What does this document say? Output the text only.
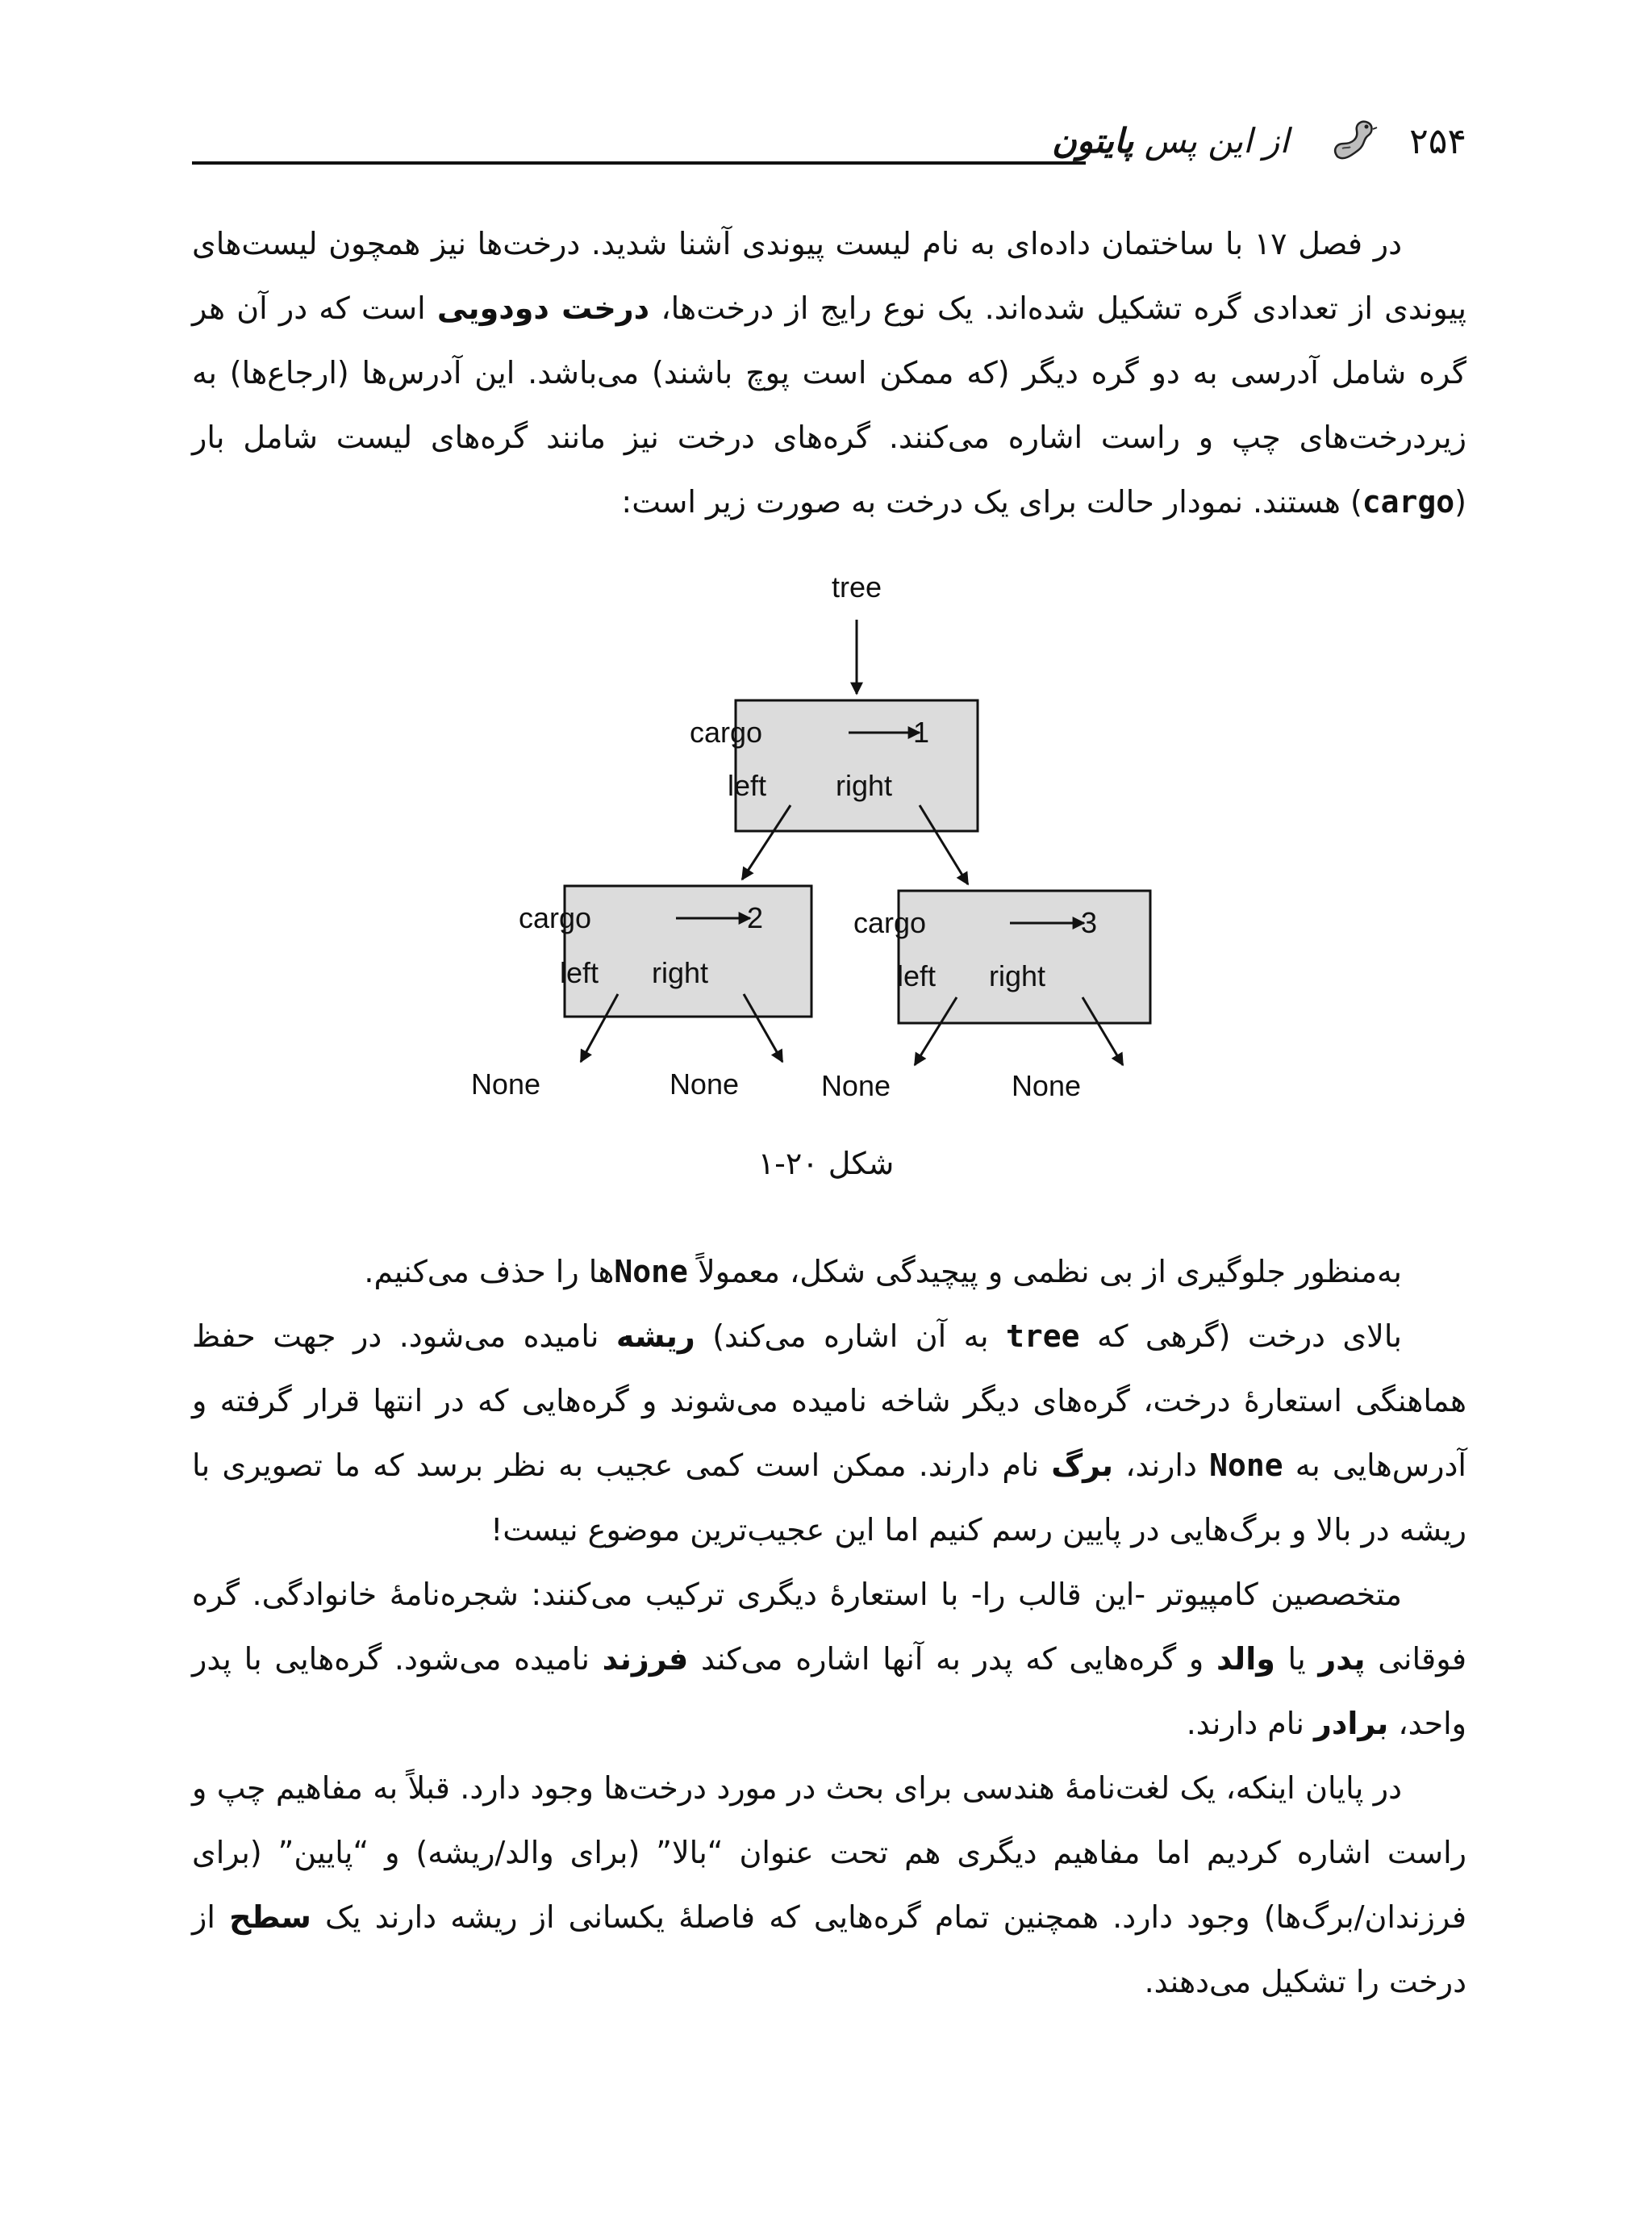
از این پس پایتون	۲۵۴
در فصل ۱۷ با ساختمان داده‌ای به نام لیست پیوندی آشنا شدید. درخت‌ها نیز همچون لیست‌های پیوندی از تعدادی گره تشکیل شده‌اند. یک نوع رایج از درخت‌ها، درخت دودویی است که در آن هر گره شامل آدرسی به دو گره دیگر (که ممکن است پوچ باشند) می‌باشد. این آدرس‌ها (ارجاع‌ها) به زیردرخت‌های چپ و راست اشاره می‌کنند. گره‌های درخت نیز مانند گره‌های لیست شامل بار (cargo) هستند. نمودار حالت برای یک درخت به صورت زیر است:
tree
cargo	1
left right
cargo	2
left right
cargo	3
left right
None	None	None	None
شکل ۲۰-۱
به‌منظور جلوگیری از بی نظمی و پیچیدگی شکل، معمولاً Noneها را حذف می‌کنیم.
بالای درخت (گرهی که tree به آن اشاره می‌کند) ریشه نامیده می‌شود. در جهت حفظ هماهنگی استعارهٔ درخت، گره‌های دیگر شاخه نامیده می‌شوند و گره‌هایی که در انتها قرار گرفته و آدرس‌هایی به None دارند، برگ نام دارند. ممکن است کمی عجیب به نظر برسد که ما تصویری با ریشه در بالا و برگ‌هایی در پایین رسم کنیم اما این عجیب‌ترین موضوع نیست!
متخصصین کامپیوتر -این قالب را- با استعارهٔ دیگری ترکیب می‌کنند: شجره‌نامهٔ خانوادگی. گره فوقانی پدر یا والد و گره‌هایی که پدر به آنها اشاره می‌کند فرزند نامیده می‌شود. گره‌هایی با پدر واحد، برادر نام دارند.
در پایان اینکه، یک لغت‌نامهٔ هندسی برای بحث در مورد درخت‌ها وجود دارد. قبلاً به مفاهیم چپ و راست اشاره کردیم اما مفاهیم دیگری هم تحت عنوان “بالا” (برای والد/ریشه) و “پایین” (برای فرزندان/برگ‌ها) وجود دارد. همچنین تمام گره‌هایی که فاصلهٔ یکسانی از ریشه دارند یک سطح از درخت را تشکیل می‌دهند.
